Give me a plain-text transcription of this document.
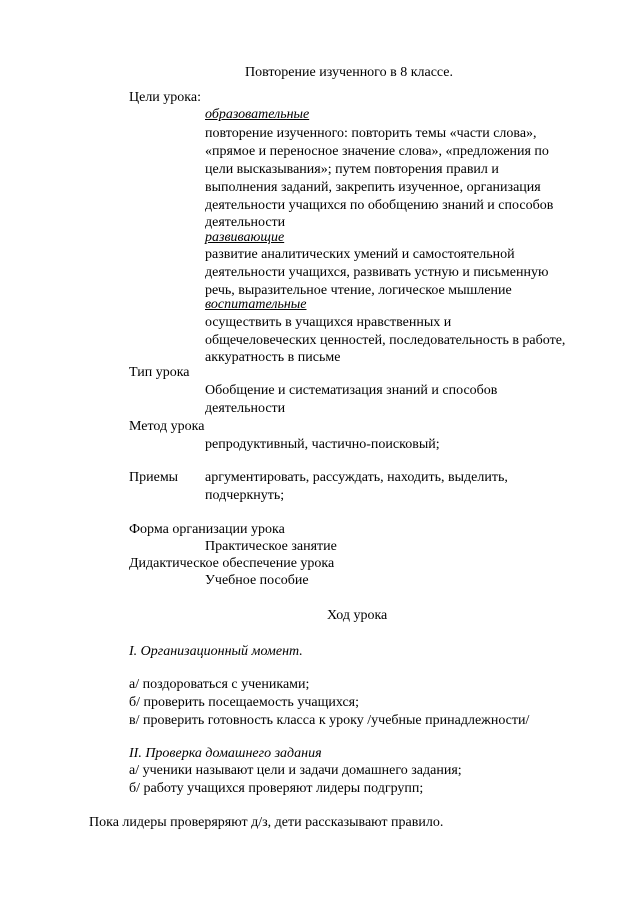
Повторение изученного в 8 классе.
Цели урока:
образовательные
повторение изученного: повторить темы «части слова»,
«прямое и переносное значение слова», «предложения по
цели высказывания»; путем повторения правил и
выполнения заданий, закрепить изученное, организация
деятельности учащихся по обобщению знаний и способов
деятельности
развивающие
развитие аналитических умений и самостоятельной
деятельности учащихся, развивать устную и письменную
речь, выразительное чтение, логическое мышление
воспитательные
осуществить в учащихся нравственных и
общечеловеческих ценностей, последовательность в работе,
аккуратность в письме
Тип урока
Обобщение и систематизация знаний и способов
деятельности
Метод урока
репродуктивный, частично-поисковый;
Приемы аргументировать, рассуждать, находить, выделить,
подчеркнуть;
Форма организации урока
Практическое занятие
Дидактическое обеспечение урока
Учебное пособие
Ход урока
I. Организационный момент.
а/ поздороваться с учениками;
б/ проверить посещаемость учащихся;
в/ проверить готовность класса к уроку /учебные принадлежности/
II. Проверка домашнего задания
а/ ученики называют цели и задачи домашнего задания;
б/ работу учащихся проверяют лидеры подгрупп;
Пока лидеры проверяряют д/з, дети рассказывают правило.
